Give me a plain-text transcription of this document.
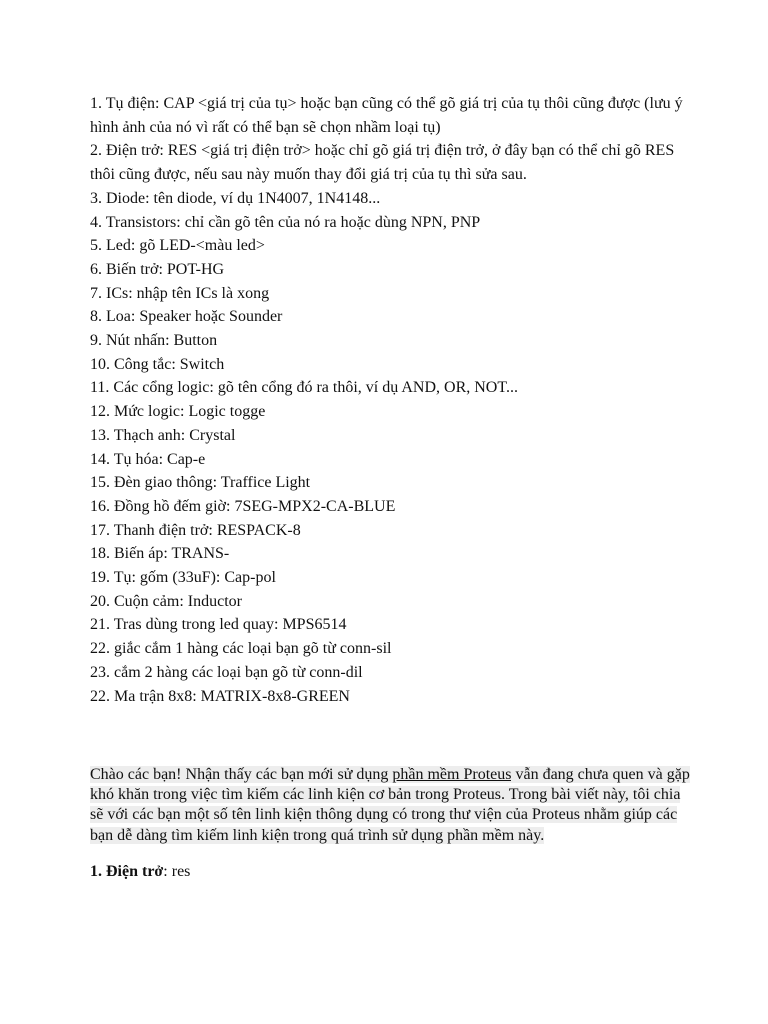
1. Tụ điện: CAP <giá trị của tụ> hoặc bạn cũng có thể gõ giá trị của tụ thôi cũng được (lưu ý hình ảnh của nó vì rất có thể bạn sẽ chọn nhầm loại tụ)
2. Điện trở: RES <giá trị điện trở> hoặc chỉ gõ giá trị điện trở, ở đây bạn có thể chỉ gõ RES thôi cũng được, nếu sau này muốn thay đổi giá trị của tụ thì sửa sau.
3. Diode: tên diode, ví dụ 1N4007, 1N4148...
4. Transistors: chỉ cần gõ tên của nó ra hoặc dùng NPN, PNP
5. Led: gõ LED-<màu led>
6. Biến trở: POT-HG
7. ICs: nhập tên ICs là xong
8. Loa: Speaker hoặc Sounder
9. Nút nhấn: Button
10. Công tắc: Switch
11. Các cổng logic: gõ tên cổng đó ra thôi, ví dụ AND, OR, NOT...
12. Mức logic: Logic togge
13. Thạch anh: Crystal
14. Tụ hóa: Cap-e
15. Đèn giao thông: Traffice Light
16. Đồng hồ đếm giờ: 7SEG-MPX2-CA-BLUE
17. Thanh điện trở: RESPACK-8
18. Biến áp: TRANS-
19. Tụ: gốm (33uF): Cap-pol
20. Cuộn cảm: Inductor
21. Tras dùng trong led quay: MPS6514
22. giắc cắm 1 hàng các loại bạn gõ từ conn-sil
23. cắm 2 hàng các loại bạn gõ từ conn-dil
22. Ma trận 8x8: MATRIX-8x8-GREEN
Chào các bạn! Nhận thấy các bạn mới sử dụng phần mềm Proteus vẫn đang chưa quen và gặp khó khăn trong việc tìm kiếm các linh kiện cơ bản trong Proteus. Trong bài viết này, tôi chia sẽ với các bạn một số tên linh kiện thông dụng có trong thư viện của Proteus nhằm giúp các bạn dễ dàng tìm kiếm linh kiện trong quá trình sử dụng phần mềm này.
1. Điện trở: res
